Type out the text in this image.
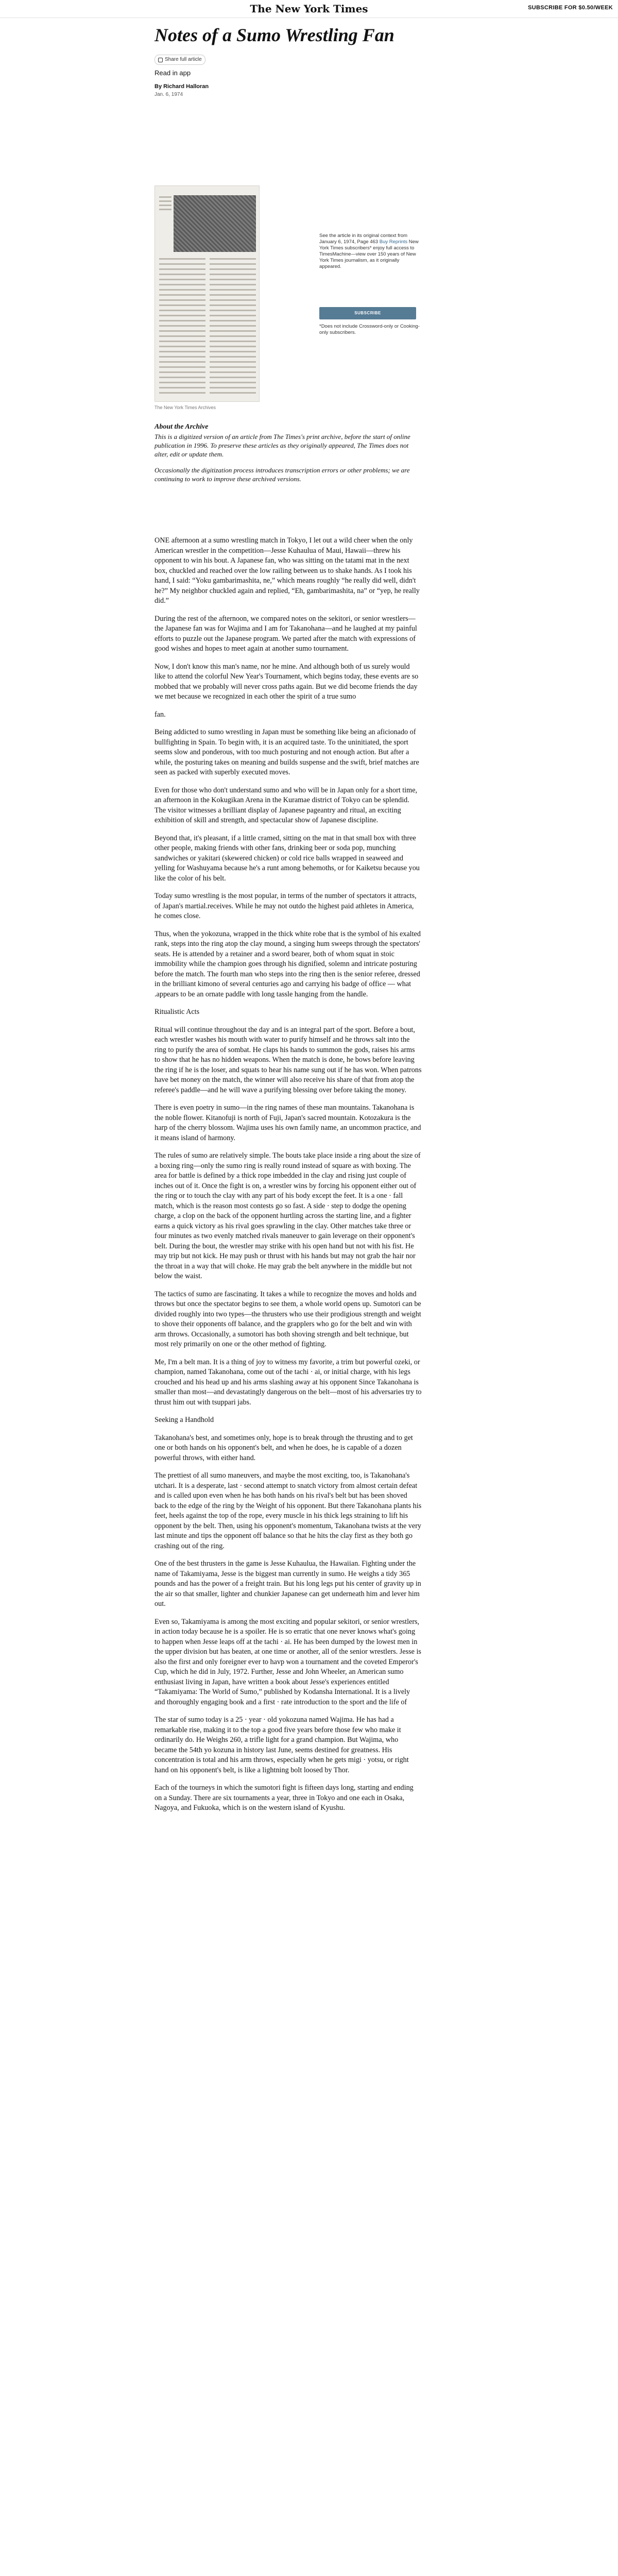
The New York Times	SUBSCRIBE FOR $0.50/WEEK
Notes of a Sumo Wrestling Fan
Share full article
Read in app
By Richard Halloran
Jan. 6, 1974
The New York Times Archives
See the article in its original context from January 6, 1974, Page 463 Buy Reprints New York Times subscribers* enjoy full access to TimesMachine—view over 150 years of New York Times journalism, as it originally appeared.
SUBSCRIBE
*Does not include Crossword-only or Cooking-only subscribers.
About the Archive

This is a digitized version of an article from The Times's print archive, before the start of online publication in 1996. To preserve these articles as they originally appeared, The Times does not alter, edit or update them.

Occasionally the digitization process introduces transcription errors or other problems; we are continuing to work to improve these archived versions.

ONE afternoon at a sumo wrestling match in Tokyo, I let out a wild cheer when the only American wrestler in the competition—Jesse Kuhaulua of Maui, Hawaii—threw his opponent to win his bout. A Japanese fan, who was sitting on the tatami mat in the next box, chuckled and reached over the low railing between us to shake hands. As I took his hand, I said: “Yoku gambarimashita, ne,” which means roughly “he really did well, didn't he?” My neighbor chuckled again and replied, “Eh, gambarimashita, na” or “yep, he really did.”

During the rest of the afternoon, we compared notes on the sekitori, or senior wrestlers—the Japanese fan was for Wajima and I am for Takanohana—and he laughed at my painful efforts to puzzle out the Japanese program. We parted after the match with expressions of good wishes and hopes to meet again at another sumo tournament.

Now, I don't know this man's name, nor he mine. And although both of us surely would like to attend the colorful New Year's Tournament, which begins today, these events are so mobbed that we probably will never cross paths again. But we did become friends the day we met because we recognized in each other the spirit of a true sumo

fan.

Being addicted to sumo wrestling in Japan must be something like being an aficionado of bullfighting in Spain. To begin with, it is an acquired taste. To the uninitiated, the sport seems slow and ponderous, with too much posturing and not enough action. But after a while, the posturing takes on meaning and builds suspense and the swift, brief matches are seen as packed with superbly executed moves.

Even for those who don't understand sumo and who will be in Japan only for a short time, an afternoon in the Kokugikan Arena in the Kuramae district of Tokyo can be splendid. The visitor witnesses a brilliant display of Japanese pageantry and ritual, an exciting exhibition of skill and strength, and spectacular show of Japanese discipline.

Beyond that, it's pleasant, if a little cramed, sitting on the mat in that small box with three other people, making friends with other fans, drinking beer or soda pop, munching sandwiches or yakitari (skewered chicken) or cold rice balls wrapped in seaweed and yelling for Washuyama because he's a runt among behemoths, or for Kaiketsu because you like the color of his belt.

Today sumo wrestling is the most popular, in terms of the number of spectators it attracts, of Japan's martial.receives. While he may not outdo the highest paid athletes in America, he comes close.

Thus, when the yokozuna, wrapped in the thick white robe that is the symbol of his exalted rank, steps into the ring atop the clay mound, a singing hum sweeps through the spectators' seats. He is attended by a retainer and a sword bearer, both of whom squat in stoic immobility while the champion goes through his dignified, solemn and intricate posturing before the match. The fourth man who steps into the ring then is the senior referee, dressed in the brilliant kimono of several centuries ago and carrying his badge of office — what .appears to be an ornate paddle with long tassle hanging from the handle.

Ritualistic Acts

Ritual will continue throughout the day and is an integral part of the sport. Before a bout, each wrestler washes his mouth with water to purify himself and he throws salt into the ring to purify the area of sombat. He claps his hands to summon the gods, raises his arms to show that he has no hidden weapons. When the match is done, he bows before leaving the ring if he is the loser, and squats to hear his name sung out if he has won. When patrons have bet money on the match, the winner will also receive his share of that from atop the referee's paddle—and he will wave a purifying blessing over before taking the money.

There is even poetry in sumo—in the ring names of these man mountains. Takanohana is the noble flower. Kitanofuji is north of Fuji, Japan's sacred mountain. Kotozakura is the harp of the cherry blossom. Wajima uses his own family name, an uncommon practice, and it means island of harmony.

The rules of sumo are relatively simple. The bouts take place inside a ring about the size of a boxing ring—only the sumo ring is really round instead of square as with boxing. The area for battle is defined by a thick rope imbedded in the clay and rising just couple of inches out of it. Once the fight is on, a wrestler wins by forcing his opponent either out of the ring or to touch the clay with any part of his body except the feet. It is a one · fall match, which is the reason most contests go so fast. A side · step to dodge the opening charge, a clop on the back of the opponent hurtling across the starting line, and a fighter earns a quick victory as his rival goes sprawling in the clay. Other matches take three or four minutes as two evenly matched rivals maneuver to gain leverage on their opponent's belt. During the bout, the wrestler may strike with his open hand but not with his fist. He may trip but not kick. He may push or thrust with his hands but may not grab the hair nor the throat in a way that will choke. He may grab the belt anywhere in the middle but not below the waist.

The tactics of sumo are fascinating. It takes a while to recognize the moves and holds and throws but once the spectator begins to see them, a whole world opens up. Sumotori can be divided roughly into two types—the thrusters who use their prodigious strength and weight to shove their opponents off balance, and the grapplers who go for the belt and win with arm throws. Occasionally, a sumotori has both shoving strength and belt technique, but most rely primarily on one or the other method of fighting.

Me, I'm a belt man. It is a thing of joy to witness my favorite, a trim but powerful ozeki, or champion, named Takanohana, come out of the tachi · ai, or initial charge, with his legs crouched and his head up and his arms slashing away at his opponent Since Takanohana is smaller than most—and devastatingly dangerous on the belt—most of his adversaries try to thrust him out with tsuppari jabs.

Seeking a Handhold

Takanohana's best, and sometimes only, hope is to break through the thrusting and to get one or both hands on his opponent's belt, and when he does, he is capable of a dozen powerful throws, with either hand.

The prettiest of all sumo maneuvers, and maybe the most exciting, too, is Takanohana's utchari. It is a desperate, last · second attempt to snatch victory from almost certain defeat and is called upon even when he has both hands on his rival's belt but has been shoved back to the edge of the ring by the Weight of his opponent. But there Takanohana plants his feet, heels against the top of the rope, every muscle in his thick legs straining to lift his opponent by the belt. Then, using his opponent's momentum, Takanohana twists at the very last minute and tips the opponent off balance so that he hits the clay first as they both go crashing out of the ring.

One of the best thrusters in the game is Jesse Kuhaulua, the Hawaiian. Fighting under the name of Takamiyama, Jesse is the biggest man currently in sumo. He weighs a tidy 365 pounds and has the power of a freight train. But his long legs put his center of gravity up in the air so that smaller, lighter and chunkier Japanese can get underneath him and lever him out.

Even so, Takamiyama is among the most exciting and popular sekitori, or senior wrestlers, in action today because he is a spoiler. He is so erratic that one never knows what's going to happen when Jesse leaps off at the tachi · ai. He has been dumped by the lowest men in the upper division but has beaten, at one time or another, all of the senior wrestlers. Jesse is also the first and only foreigner ever to havp won a tournament and the coveted Emperor's Cup, which he did in July, 1972. Further, Jesse and John Wheeler, an American sumo enthusiast living in Japan, have written a book about Jesse's experiences entitled “Takamiyama: The World of Sumo,” published by Kodansha International. It is a lively and thoroughly engaging book and a first · rate introduction to the sport and the life of

The star of sumo today is a 25 · year · old yokozuna named Wajima. He has had a remarkable rise, making it to the top a good five years before those few who make it ordinarily do. He Weighs 260, a trifle light for a grand champion. But Wajima, who became the 54th yo kozuna in history last June, seems destined for greatness. His concentration is total and his arm throws, especially when he gets migi · yotsu, or right hand on his opponent's belt, is like a lightning bolt loosed by Thor.

Each of the tourneys in which the sumotori fight is fifteen days long, starting and ending on a Sunday. There are six tournaments a year, three in Tokyo and one each in Osaka, Nagoya, and Fukuoka, which is on the western island of Kyushu.
